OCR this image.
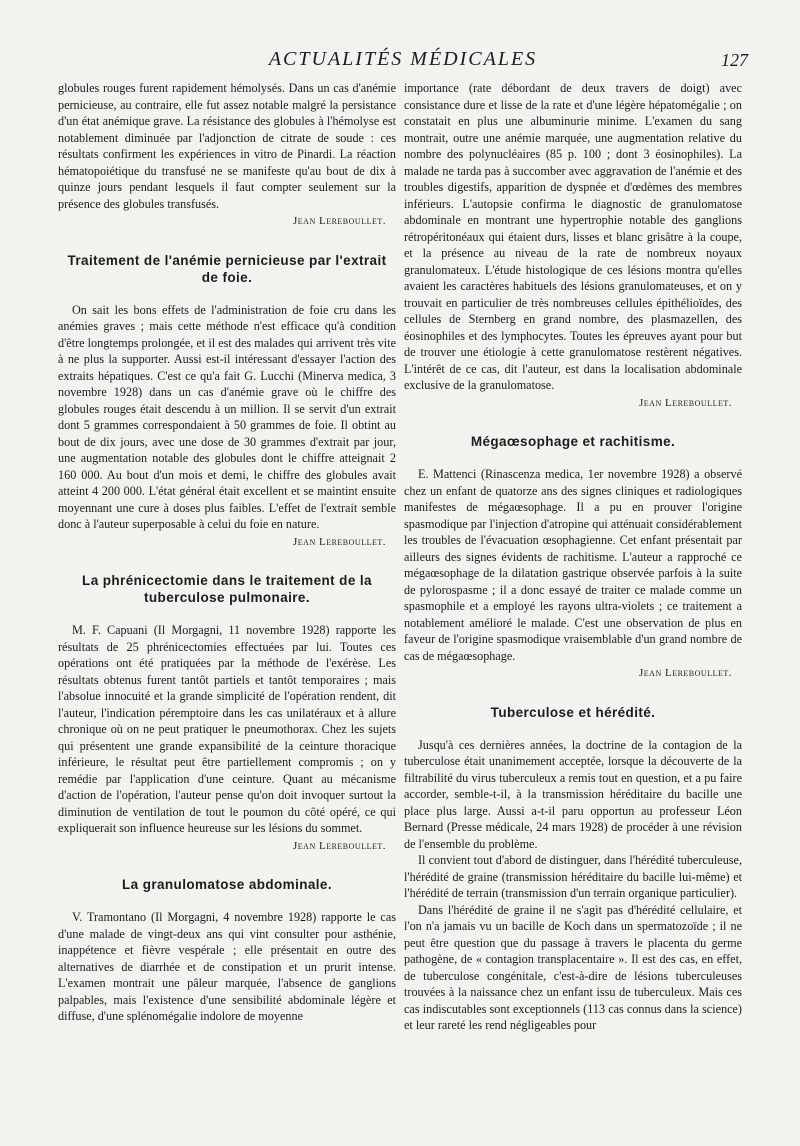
ACTUALITÉS MÉDICALES	127

globules rouges furent rapidement hémolysés. Dans un cas d'anémie pernicieuse, au contraire, elle fut assez notable malgré la persistance d'un état anémique grave. La résistance des globules à l'hémolyse est notablement diminuée par l'adjonction de citrate de soude : ces résultats confirment les expériences in vitro de Pinardi. La réaction hématopoiétique du transfusé ne se manifeste qu'au bout de dix à quinze jours pendant lesquels il faut compter seulement sur la présence des globules transfusés.

Jean Lereboullet.
Traitement de l'anémie pernicieuse par l'extrait de foie.

On sait les bons effets de l'administration de foie cru dans les anémies graves ; mais cette méthode n'est efficace qu'à condition d'être longtemps prolongée, et il est des malades qui arrivent très vite à ne plus la supporter. Aussi est-il intéressant d'essayer l'action des extraits hépatiques. C'est ce qu'a fait G. Lucchi (Minerva medica, 3 novembre 1928) dans un cas d'anémie grave où le chiffre des globules rouges était descendu à un million. Il se servit d'un extrait dont 5 grammes correspondaient à 50 grammes de foie. Il obtint au bout de dix jours, avec une dose de 30 grammes d'extrait par jour, une augmentation notable des globules dont le chiffre atteignait 2 160 000. Au bout d'un mois et demi, le chiffre des globules avait atteint 4 200 000. L'état général était excellent et se maintint ensuite moyennant une cure à doses plus faibles. L'effet de l'extrait semble donc à l'auteur superposable à celui du foie en nature.

Jean Lereboullet.
La phrénicectomie dans le traitement de la tuberculose pulmonaire.

M. F. Capuani (Il Morgagni, 11 novembre 1928) rapporte les résultats de 25 phrénicectomies effectuées par lui. Toutes ces opérations ont été pratiquées par la méthode de l'exérèse. Les résultats obtenus furent tantôt partiels et tantôt temporaires ; mais l'absolue innocuité et la grande simplicité de l'opération rendent, dit l'auteur, l'indication péremptoire dans les cas unilatéraux et à allure chronique où on ne peut pratiquer le pneumothorax. Chez les sujets qui présentent une grande expansibilité de la ceinture thoracique inférieure, le résultat peut être partiellement compromis ; on y remédie par l'application d'une ceinture. Quant au mécanisme d'action de l'opération, l'auteur pense qu'on doit invoquer surtout la diminution de ventilation de tout le poumon du côté opéré, ce qui expliquerait son influence heureuse sur les lésions du sommet.

Jean Lereboullet.
La granulomatose abdominale.

V. Tramontano (Il Morgagni, 4 novembre 1928) rapporte le cas d'une malade de vingt-deux ans qui vint consulter pour asthénie, inappétence et fièvre vespérale ; elle présentait en outre des alternatives de diarrhée et de constipation et un prurit intense. L'examen montrait une pâleur marquée, l'absence de ganglions palpables, mais l'existence d'une sensibilité abdominale légère et diffuse, d'une splénomégalie indolore de moyenne

importance (rate débordant de deux travers de doigt) avec consistance dure et lisse de la rate et d'une légère hépatomégalie ; on constatait en plus une albuminurie minime. L'examen du sang montrait, outre une anémie marquée, une augmentation relative du nombre des polynucléaires (85 p. 100 ; dont 3 éosinophiles). La malade ne tarda pas à succomber avec aggravation de l'anémie et des troubles digestifs, apparition de dyspnée et d'œdèmes des membres inférieurs. L'autopsie confirma le diagnostic de granulomatose abdominale en montrant une hypertrophie notable des ganglions rétropéritonéaux qui étaient durs, lisses et blanc grisâtre à la coupe, et la présence au niveau de la rate de nombreux noyaux granulomateux. L'étude histologique de ces lésions montra qu'elles avaient les caractères habituels des lésions granulomateuses, et on y trouvait en particulier de très nombreuses cellules épithélioïdes, des cellules de Sternberg en grand nombre, des plasmazellen, des éosinophiles et des lymphocytes. Toutes les épreuves ayant pour but de trouver une étiologie à cette granulomatose restèrent négatives. L'intérêt de ce cas, dit l'auteur, est dans la localisation abdominale exclusive de la granulomatose.

Jean Lereboullet.
Mégaœsophage et rachitisme.

E. Mattenci (Rinascenza medica, 1er novembre 1928) a observé chez un enfant de quatorze ans des signes cliniques et radiologiques manifestes de mégaœsophage. Il a pu en prouver l'origine spasmodique par l'injection d'atropine qui atténuait considérablement les troubles de l'évacuation œsophagienne. Cet enfant présentait par ailleurs des signes évidents de rachitisme. L'auteur a rapproché ce mégaœsophage de la dilatation gastrique observée parfois à la suite de pylorospasme ; il a donc essayé de traiter ce malade comme un spasmophile et a employé les rayons ultra-violets ; ce traitement a notablement amélioré le malade. C'est une observation de plus en faveur de l'origine spasmodique vraisemblable d'un grand nombre de cas de mégaœsophage.

Jean Lereboullet.
Tuberculose et hérédité.

Jusqu'à ces dernières années, la doctrine de la contagion de la tuberculose était unanimement acceptée, lorsque la découverte de la filtrabilité du virus tuberculeux a remis tout en question, et a pu faire accorder, semble-t-il, à la transmission héréditaire du bacille une place plus large. Aussi a-t-il paru opportun au professeur Léon Bernard (Presse médicale, 24 mars 1928) de procéder à une révision de l'ensemble du problème.

Il convient tout d'abord de distinguer, dans l'hérédité tuberculeuse, l'hérédité de graine (transmission héréditaire du bacille lui-même) et l'hérédité de terrain (transmission d'un terrain organique particulier).

Dans l'hérédité de graine il ne s'agit pas d'hérédité cellulaire, et l'on n'a jamais vu un bacille de Koch dans un spermatozoïde ; il ne peut être question que du passage à travers le placenta du germe pathogène, de « contagion transplacentaire ». Il est des cas, en effet, de tuberculose congénitale, c'est-à-dire de lésions tuberculeuses trouvées à la naissance chez un enfant issu de tuberculeux. Mais ces cas indiscutables sont exceptionnels (113 cas connus dans la science) et leur rareté les rend négligeables pour
